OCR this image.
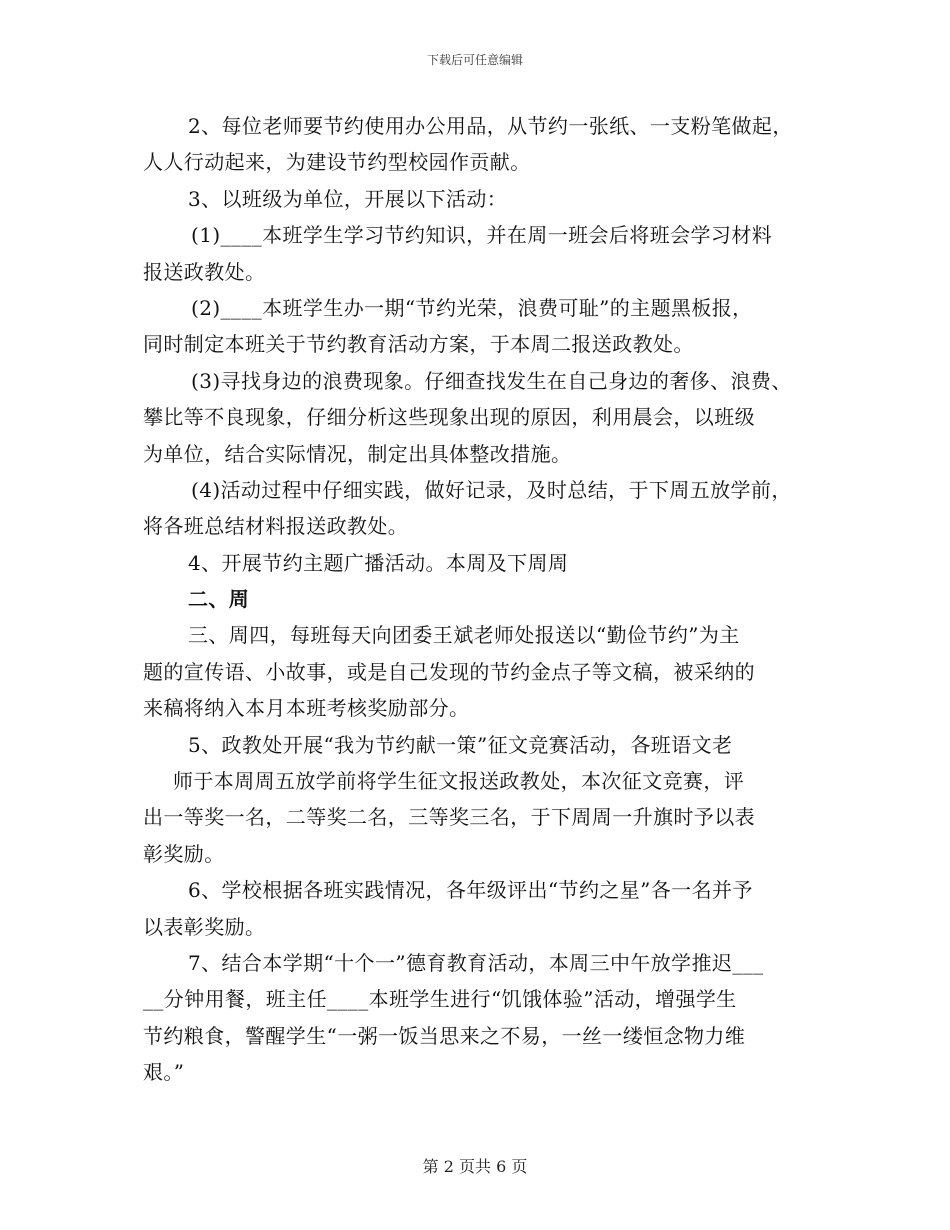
下载后可任意编辑
2、每位老师要节约使用办公用品，从节约一张纸、一支粉笔做起，
人人行动起来，为建设节约型校园作贡献。
3、以班级为单位，开展以下活动：
(1)____本班学生学习节约知识，并在周一班会后将班会学习材料
报送政教处。
(2)____本班学生办一期“节约光荣，浪费可耻”的主题黑板报，
同时制定本班关于节约教育活动方案，于本周二报送政教处。
(3)寻找身边的浪费现象。仔细查找发生在自己身边的奢侈、浪费、
攀比等不良现象，仔细分析这些现象出现的原因，利用晨会，以班级
为单位，结合实际情况，制定出具体整改措施。
(4)活动过程中仔细实践，做好记录，及时总结，于下周五放学前，
将各班总结材料报送政教处。
4、开展节约主题广播活动。本周及下周周
二、周
三、周四，每班每天向团委王斌老师处报送以“勤俭节约”为主
题的宣传语、小故事，或是自己发现的节约金点子等文稿，被采纳的
来稿将纳入本月本班考核奖励部分。
5、政教处开展“我为节约献一策”征文竞赛活动，各班语文老
师于本周周五放学前将学生征文报送政教处，本次征文竞赛，评
出一等奖一名，二等奖二名，三等奖三名，于下周周一升旗时予以表
彰奖励。
6、学校根据各班实践情况，各年级评出“节约之星”各一名并予
以表彰奖励。
7、结合本学期“十个一”德育教育活动，本周三中午放学推迟___
__分钟用餐，班主任____本班学生进行“饥饿体验”活动，增强学生
节约粮食，警醒学生“一粥一饭当思来之不易，一丝一缕恒念物力维
艰。”
第 2 页共 6 页
